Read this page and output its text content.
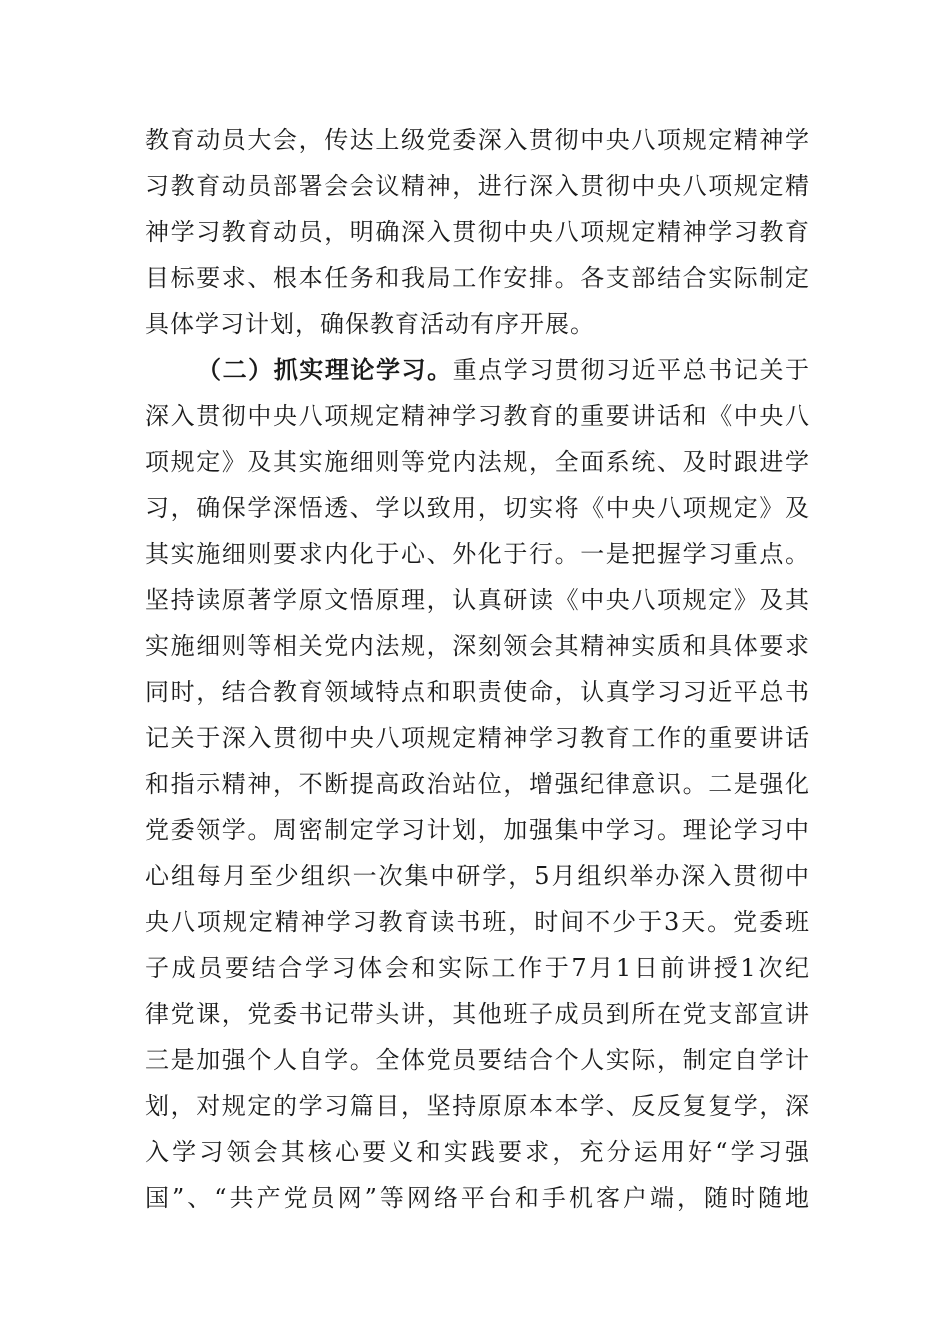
教育动员大会，传达上级党委深入贯彻中央八项规定精神学
习教育动员部署会会议精神，进行深入贯彻中央八项规定精
神学习教育动员，明确深入贯彻中央八项规定精神学习教育
目标要求、根本任务和我局工作安排。各支部结合实际制定
具体学习计划，确保教育活动有序开展。
（二）抓实理论学习。重点学习贯彻习近平总书记关于
深入贯彻中央八项规定精神学习教育的重要讲话和《中央八
项规定》及其实施细则等党内法规，全面系统、及时跟进学
习，确保学深悟透、学以致用，切实将《中央八项规定》及
其实施细则要求内化于心、外化于行。一是把握学习重点。
坚持读原著学原文悟原理，认真研读《中央八项规定》及其
实施细则等相关党内法规，深刻领会其精神实质和具体要求
同时，结合教育领域特点和职责使命，认真学习习近平总书
记关于深入贯彻中央八项规定精神学习教育工作的重要讲话
和指示精神，不断提高政治站位，增强纪律意识。二是强化
党委领学。周密制定学习计划，加强集中学习。理论学习中
心组每月至少组织一次集中研学，5月组织举办深入贯彻中
央八项规定精神学习教育读书班，时间不少于3天。党委班
子成员要结合学习体会和实际工作于7月1日前讲授1次纪
律党课，党委书记带头讲，其他班子成员到所在党支部宣讲
三是加强个人自学。全体党员要结合个人实际，制定自学计
划，对规定的学习篇目，坚持原原本本学、反反复复学，深
入学习领会其核心要义和实践要求，充分运用好“学习强
国”、“共产党员网”等网络平台和手机客户端，随时随地
